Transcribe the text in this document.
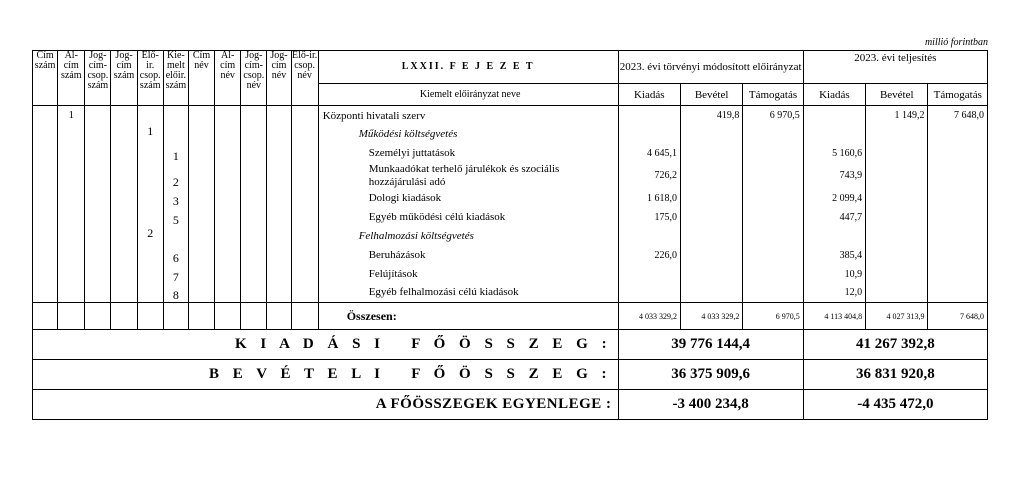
millió forintban
Cím szám	Al-cím szám	Jog-cím-csop. szám	Jog-cím szám	Elő-ir. csop. szám	Kie-melt előir. szám	Cím név	Al-cím név	Jog-cím-csop. név	Jog-cím név	Elő-ir. csop. név	LXXII. F E J E Z E T	2023. évi törvényi módosított előirányzat			2023. évi teljesítés		
											Kiemelt előirányzat neve	Kiadás	Bevétel	Támogatás	Kiadás	Bevétel	Támogatás
	1										Központi hivatali szerv		419,8	6 970,5		1 149,2	7 648,0
				1							Működési költségvetés						
					1						Személyi juttatások	4 645,1			5 160,6		
					2						Munkaadókat terhelő járulékok és szociális hozzájárulási adó	726,2			743,9		
					3						Dologi kiadások	1 618,0			2 099,4		
					5						Egyéb működési célú kiadások	175,0			447,7		
				2							Felhalmozási költségvetés						
					6						Beruházások	226,0			385,4		
					7						Felújítások				10,9		
					8						Egyéb felhalmozási célú kiadások				12,0		
											Összesen:	4 033 329,2	4 033 329,2	6 970,5	4 113 404,8	4 027 313,9	7 648,0
K I A D Á S I   F Ő Ö S S Z E G :												39 776 144,4			41 267 392,8		
B E V É T E L I   F Ő Ö S S Z E G :												36 375 909,6			36 831 920,8		
A FŐÖSSZEGEK EGYENLEGE :												-3 400 234,8			-4 435 472,0		
